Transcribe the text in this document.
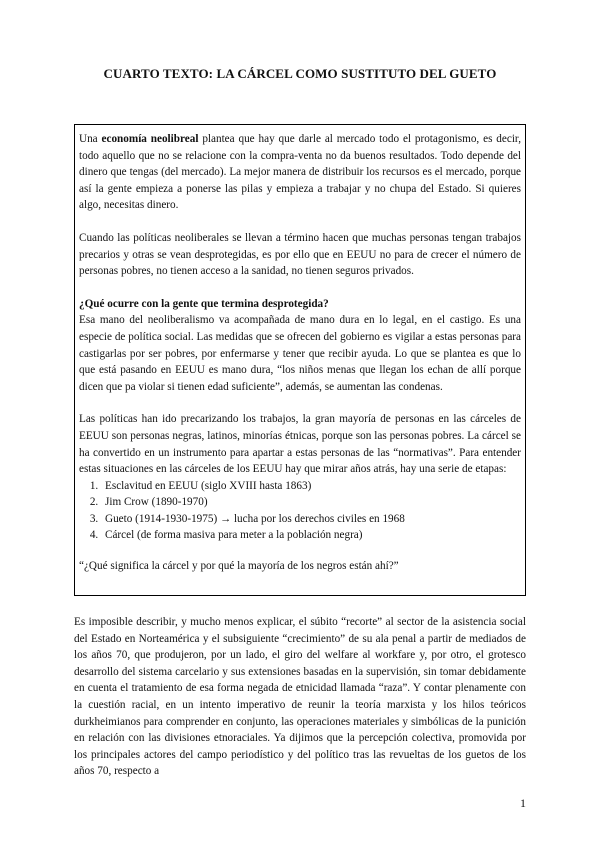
CUARTO TEXTO: LA CÁRCEL COMO SUSTITUTO DEL GUETO

Una economía neolibreal plantea que hay que darle al mercado todo el protagonismo, es decir, todo aquello que no se relacione con la compra-venta no da buenos resultados. Todo depende del dinero que tengas (del mercado). La mejor manera de distribuir los recursos es el mercado, porque así la gente empieza a ponerse las pilas y empieza a trabajar y no chupa del Estado. Si quieres algo, necesitas dinero.

Cuando las políticas neoliberales se llevan a término hacen que muchas personas tengan trabajos precarios y otras se vean desprotegidas, es por ello que en EEUU no para de crecer el número de personas pobres, no tienen acceso a la sanidad, no tienen seguros privados.

¿Qué ocurre con la gente que termina desprotegida?
Esa mano del neoliberalismo va acompañada de mano dura en lo legal, en el castigo. Es una especie de política social. Las medidas que se ofrecen del gobierno es vigilar a estas personas para castigarlas por ser pobres, por enfermarse y tener que recibir ayuda. Lo que se plantea es que lo que está pasando en EEUU es mano dura, “los niños menas que llegan los echan de allí porque dicen que pa violar si tienen edad suficiente”, además, se aumentan las condenas.

Las políticas han ido precarizando los trabajos, la gran mayoría de personas en las cárceles de EEUU son personas negras, latinos, minorías étnicas, porque son las personas pobres. La cárcel se ha convertido en un instrumento para apartar a estas personas de las “normativas”. Para entender estas situaciones en las cárceles de los EEUU hay que mirar años atrás, hay una serie de etapas:

1. Esclavitud en EEUU (siglo XVIII hasta 1863)
2. Jim Crow (1890-1970)
3. Gueto (1914-1930-1975) → lucha por los derechos civiles en 1968
4. Cárcel (de forma masiva para meter a la población negra)

“¿Qué significa la cárcel y por qué la mayoría de los negros están ahí?”

Es imposible describir, y mucho menos explicar, el súbito “recorte” al sector de la asistencia social del Estado en Norteamérica y el subsiguiente “crecimiento” de su ala penal a partir de mediados de los años 70, que produjeron, por un lado, el giro del welfare al workfare y, por otro, el grotesco desarrollo del sistema carcelario y sus extensiones basadas en la supervisión, sin tomar debidamente en cuenta el tratamiento de esa forma negada de etnicidad llamada “raza”. Y contar plenamente con la cuestión racial, en un intento imperativo de reunir la teoría marxista y los hilos teóricos durkheimianos para comprender en conjunto, las operaciones materiales y simbólicas de la punición en relación con las divisiones etnoraciales. Ya dijimos que la percepción colectiva, promovida por los principales actores del campo periodístico y del político tras las revueltas de los guetos de los años 70, respecto a

1
